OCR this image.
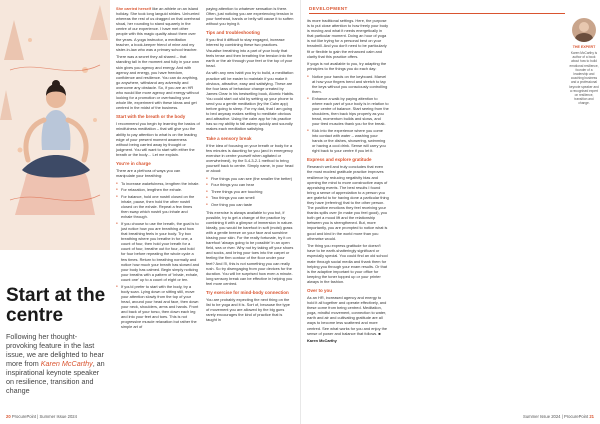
Start at the centre
Following her thought-provoking feature in the last issue, we are delighted to hear more from Karen McCarthy, an inspirational keynote speaker on resilience, transition and change

She carried herself like an athlete on an island holiday. She took long languid strides. Unhurried whereas the rest of us dragged on that overhead shoal, her rounding to stand squarely in the centre of our experience. I have met other people with this magic quality about them over the years. A yoga instructor, a meditation teacher, a book-keeper friend of mine and my sister-in-law who was a primary school teacher.

There was a secret they all shared – that standing tall in the moment and fully in your own skin gives you agency and energy. And with agency and energy, you have freedom, confidence and resilience. You can do anything, go anywhere, withstand any adversity and overcome any obstacle. So, if you are an HR who would like more agency and energy without looking for a promotion or overhauling your whole life, experiment with these ideas and get centred in the midst of the business.

Start with the breath or the body

I recommend you begin by learning the basics of mindfulness meditation – that will give you the ability to pay attention to what is on the leading edge of your present moment awareness without being carried away by thought or judgment. You will want to start with either the breath or the body… Let me explain.

You're in charge

There are a plethora of ways you can manipulate your breathing:

● To increase wakefulness, lengthen the inhale.
● For relaxation, lengthen the exhale.
● For balance, hold one nostril closed on the inhale, pause, then hold the other nostril closed on the exhale. Repeat a few times then swap which nostril you inhale and exhale through.
● If you choose to use the breath, the goal is to just notice how you are breathing and how that breathing feels in your body. Try box breathing where you breathe in for one, a count of four, then hold your breath for a count of four, breathe out for four, and hold for four before repeating the whole cycle a few times. Return to breathing normally and notice how much your breath has slowed and your body has calmed. Begin simply noticing your breaths with a pattern of 'inhale, exhale, count one' up to a count of eight or ten.
● If you'd prefer to start with the body, try a body scan. Lying down or sitting still, move your attention slowly from the top of your head, around your head and face, then down your neck, shoulders, arms and hands. Front and back of your torso, then down each leg and into your feet and toes. This is not progressive muscle relaxation but rather the simple art of

paying attention to whatever sensation is there. Often, just noticing you are experiencing tension in your forehead, hands or belly will cause it to soften without you trying it.

Tips and troubleshooting

If you find it difficult to stay engaged, increase interest by combining these two practices. Visualise breathing into a part of your body that feels tense and then breathing the tension into the earth or the air through your feet or the top of your head.

As with any new habit you try to build, a meditation practice will be easier to maintain if you make it obvious, attractive, easy and satisfying. These are the four laws of behaviour change created by James Clear in his bestselling book, Atomic Habits. You could start out slid by setting up your phone to send you a gentle meditation (try the Calm app) before going to sleep. For my dad, that I am going to bed anyway makes setting to meditate obvious and attractive. Using the calm app for his practice has so my ability to fall asleep quickly and soundly makes each meditation satisfying.

Take a sensory break

If the idea of focusing on your breath or body for a few minutes is daunting for you (and in emergency exercise in centre yourself when agitated or overwhelmed), try the 5-4-3-2-1 method to bring yourself back to centre. Simply name, in your head or aloud:

● Five things you can see (the smaller the better)
● Four things you can hear
● Three things you are touching
● Two things you can smell
● One thing you can taste

This exercise is always available to you but, if possible, try to get a change of the practice by combining it with a glimpse of immersion in nature. Ideally, you would be barefoot in soft (moist) grass with a gentle breeze on your face and sunshine kissing your skin. For the really fortunate, try it on barefoot 'always going to be possible' in an open field, sea or river. Why not try taking off your shoes and socks, and bring your toes into the carpet or feeling the firm contour of the floor under your feet? And I'll, this is not something you can really rush. So try disengaging from your devices for the duration. You will be surprised how even a minute-long sensory break can be effective in helping you feel more centred.

Try exercise for mind-body connection

You are probably expecting the next thing on the list to be yoga and it is. Sort of, because the type of movement you are allowed by the big guns rarely encourages the kind of practice that is taught in

20 ProcurePoint | Summer Issue 2024
DEVELOPMENT

its more traditional settings. Here, the purpose is to put close attention to how freely your body is moving and what it needs energetically in that particular moment. Doing an hour of yoga is not like trying for a personal best on your treadmill. And you don't need to be particularly fit or flexible to gain the enhanced calm and clarity that this practice offers.

If yoga is not available to you, try adapting the principles to the things you do each day:

● Notice your hands on the keyboard. Marvel at how your fingers bend and stretch to tap the keys without you consciously controlling them.
● Enhance a walk by paying attention to where each part of your body is in relation to your centre of balance. Start seeing from the shoulders, then back hips properly as you tread, momentum builds and slows, and your tired muscles thank you for the break.
● Kick into the experience where you come into contact with water – washing your hands or the dishes, showering, swimming or having a cool drink. Sense will carry you right back to your centre if you let it.
Express and explore gratitude

Research well and truly concludes that even the most modest gratitude practice improves resilience by reducing negativity bias and opening the mind to more constructive ways of appraising events. The best results I found bring a sense of appreciation to a person you are grateful to for having done a particular thing they have (referring) that to the other person. The positive emotions they feel receiving your thanks spills over (in make you feel good), you both get a mood lift and the relationship between you is strengthened. But, more importantly, you are prompted to notice what is good and kind in the world more than you otherwise would.

The thing you express gratitude for doesn't have to be earth-shatteringly significant or especially special. You could find an old school mate through social media and thank them for helping you through your exam results. Or that is the adaptive important to your office for keeping the toner topped up or your printer always in the fashion.

Over to you

As an HR, increased agency and energy to hold it all together and operate effectively, and these come from being centred. Meditation, yoga, mindful movement, connection to water, earth and air and cultivating gratitude are all ways to become less scattered and more centred. See what works for you and enjoy the sense of power and balance that follows. ■

Karen McCarthy

THE EXPERT
Karen McCarthy is author of a book about how to build emotional resilience, founder of a leadership and coaching business and a professional keynote speaker and a recognised expert on resilience, transition and change.
Summer Issue 2024 | ProcurePoint 21
